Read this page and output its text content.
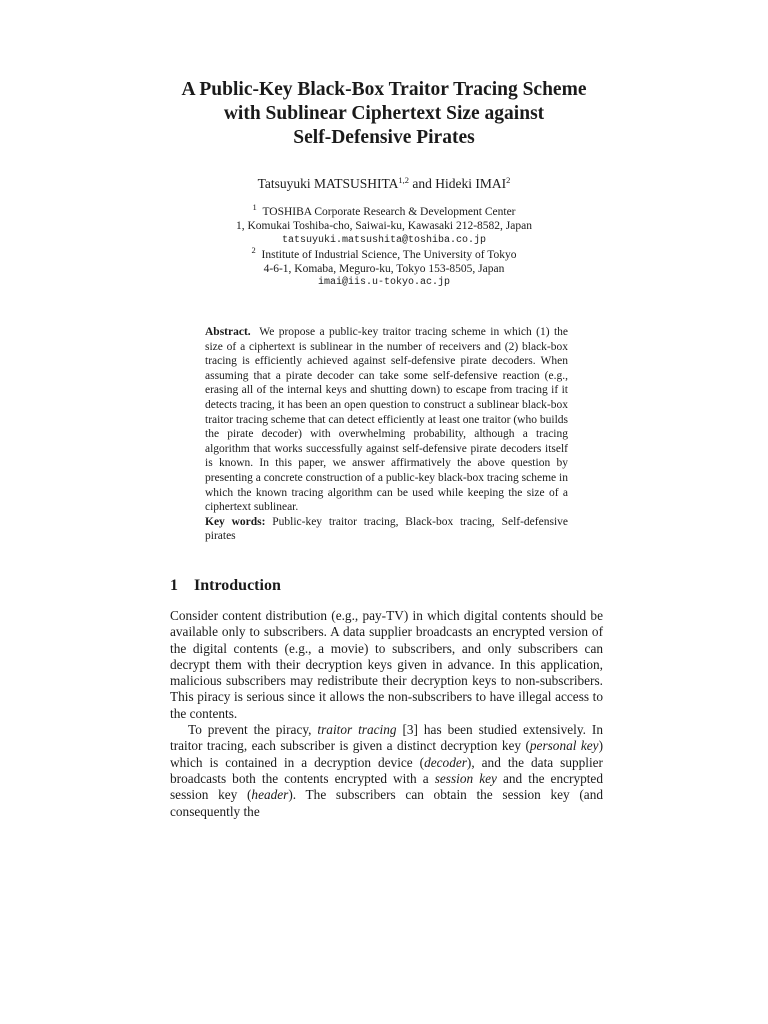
A Public-Key Black-Box Traitor Tracing Scheme
with Sublinear Ciphertext Size against
Self-Defensive Pirates
Tatsuyuki MATSUSHITA$^{1,2}$ and Hideki IMAI$^2$
$^1$ TOSHIBA Corporate Research & Development Center
1, Komukai Toshiba-cho, Saiwai-ku, Kawasaki 212-8582, Japan
tatsuyuki.matsushita@toshiba.co.jp
$^2$ Institute of Industrial Science, The University of Tokyo
4-6-1, Komaba, Meguro-ku, Tokyo 153-8505, Japan
imai@iis.u-tokyo.ac.jp

Abstract. We propose a public-key traitor tracing scheme in which (1) the size of a ciphertext is sublinear in the number of receivers and (2) black-box tracing is efficiently achieved against self-defensive pirate decoders. When assuming that a pirate decoder can take some self-defensive reaction (e.g., erasing all of the internal keys and shutting down) to escape from tracing if it detects tracing, it has been an open question to construct a sublinear black-box traitor tracing scheme that can detect efficiently at least one traitor (who builds the pirate decoder) with overwhelming probability, although a tracing algorithm that works successfully against self-defensive pirate decoders itself is known. In this paper, we answer affirmatively the above question by presenting a concrete construction of a public-key black-box tracing scheme in which the known tracing algorithm can be used while keeping the size of a ciphertext sublinear.

Key words: Public-key traitor tracing, Black-box tracing, Self-defensive pirates

1 Introduction

Consider content distribution (e.g., pay-TV) in which digital contents should be available only to subscribers. A data supplier broadcasts an encrypted version of the digital contents (e.g., a movie) to subscribers, and only subscribers can decrypt them with their decryption keys given in advance. In this application, malicious subscribers may redistribute their decryption keys to non-subscribers. This piracy is serious since it allows the non-subscribers to have illegal access to the contents.

To prevent the piracy, traitor tracing [3] has been studied extensively. In traitor tracing, each subscriber is given a distinct decryption key (personal key) which is contained in a decryption device (decoder), and the data supplier broadcasts both the contents encrypted with a session key and the encrypted session key (header). The subscribers can obtain the session key (and consequently the
